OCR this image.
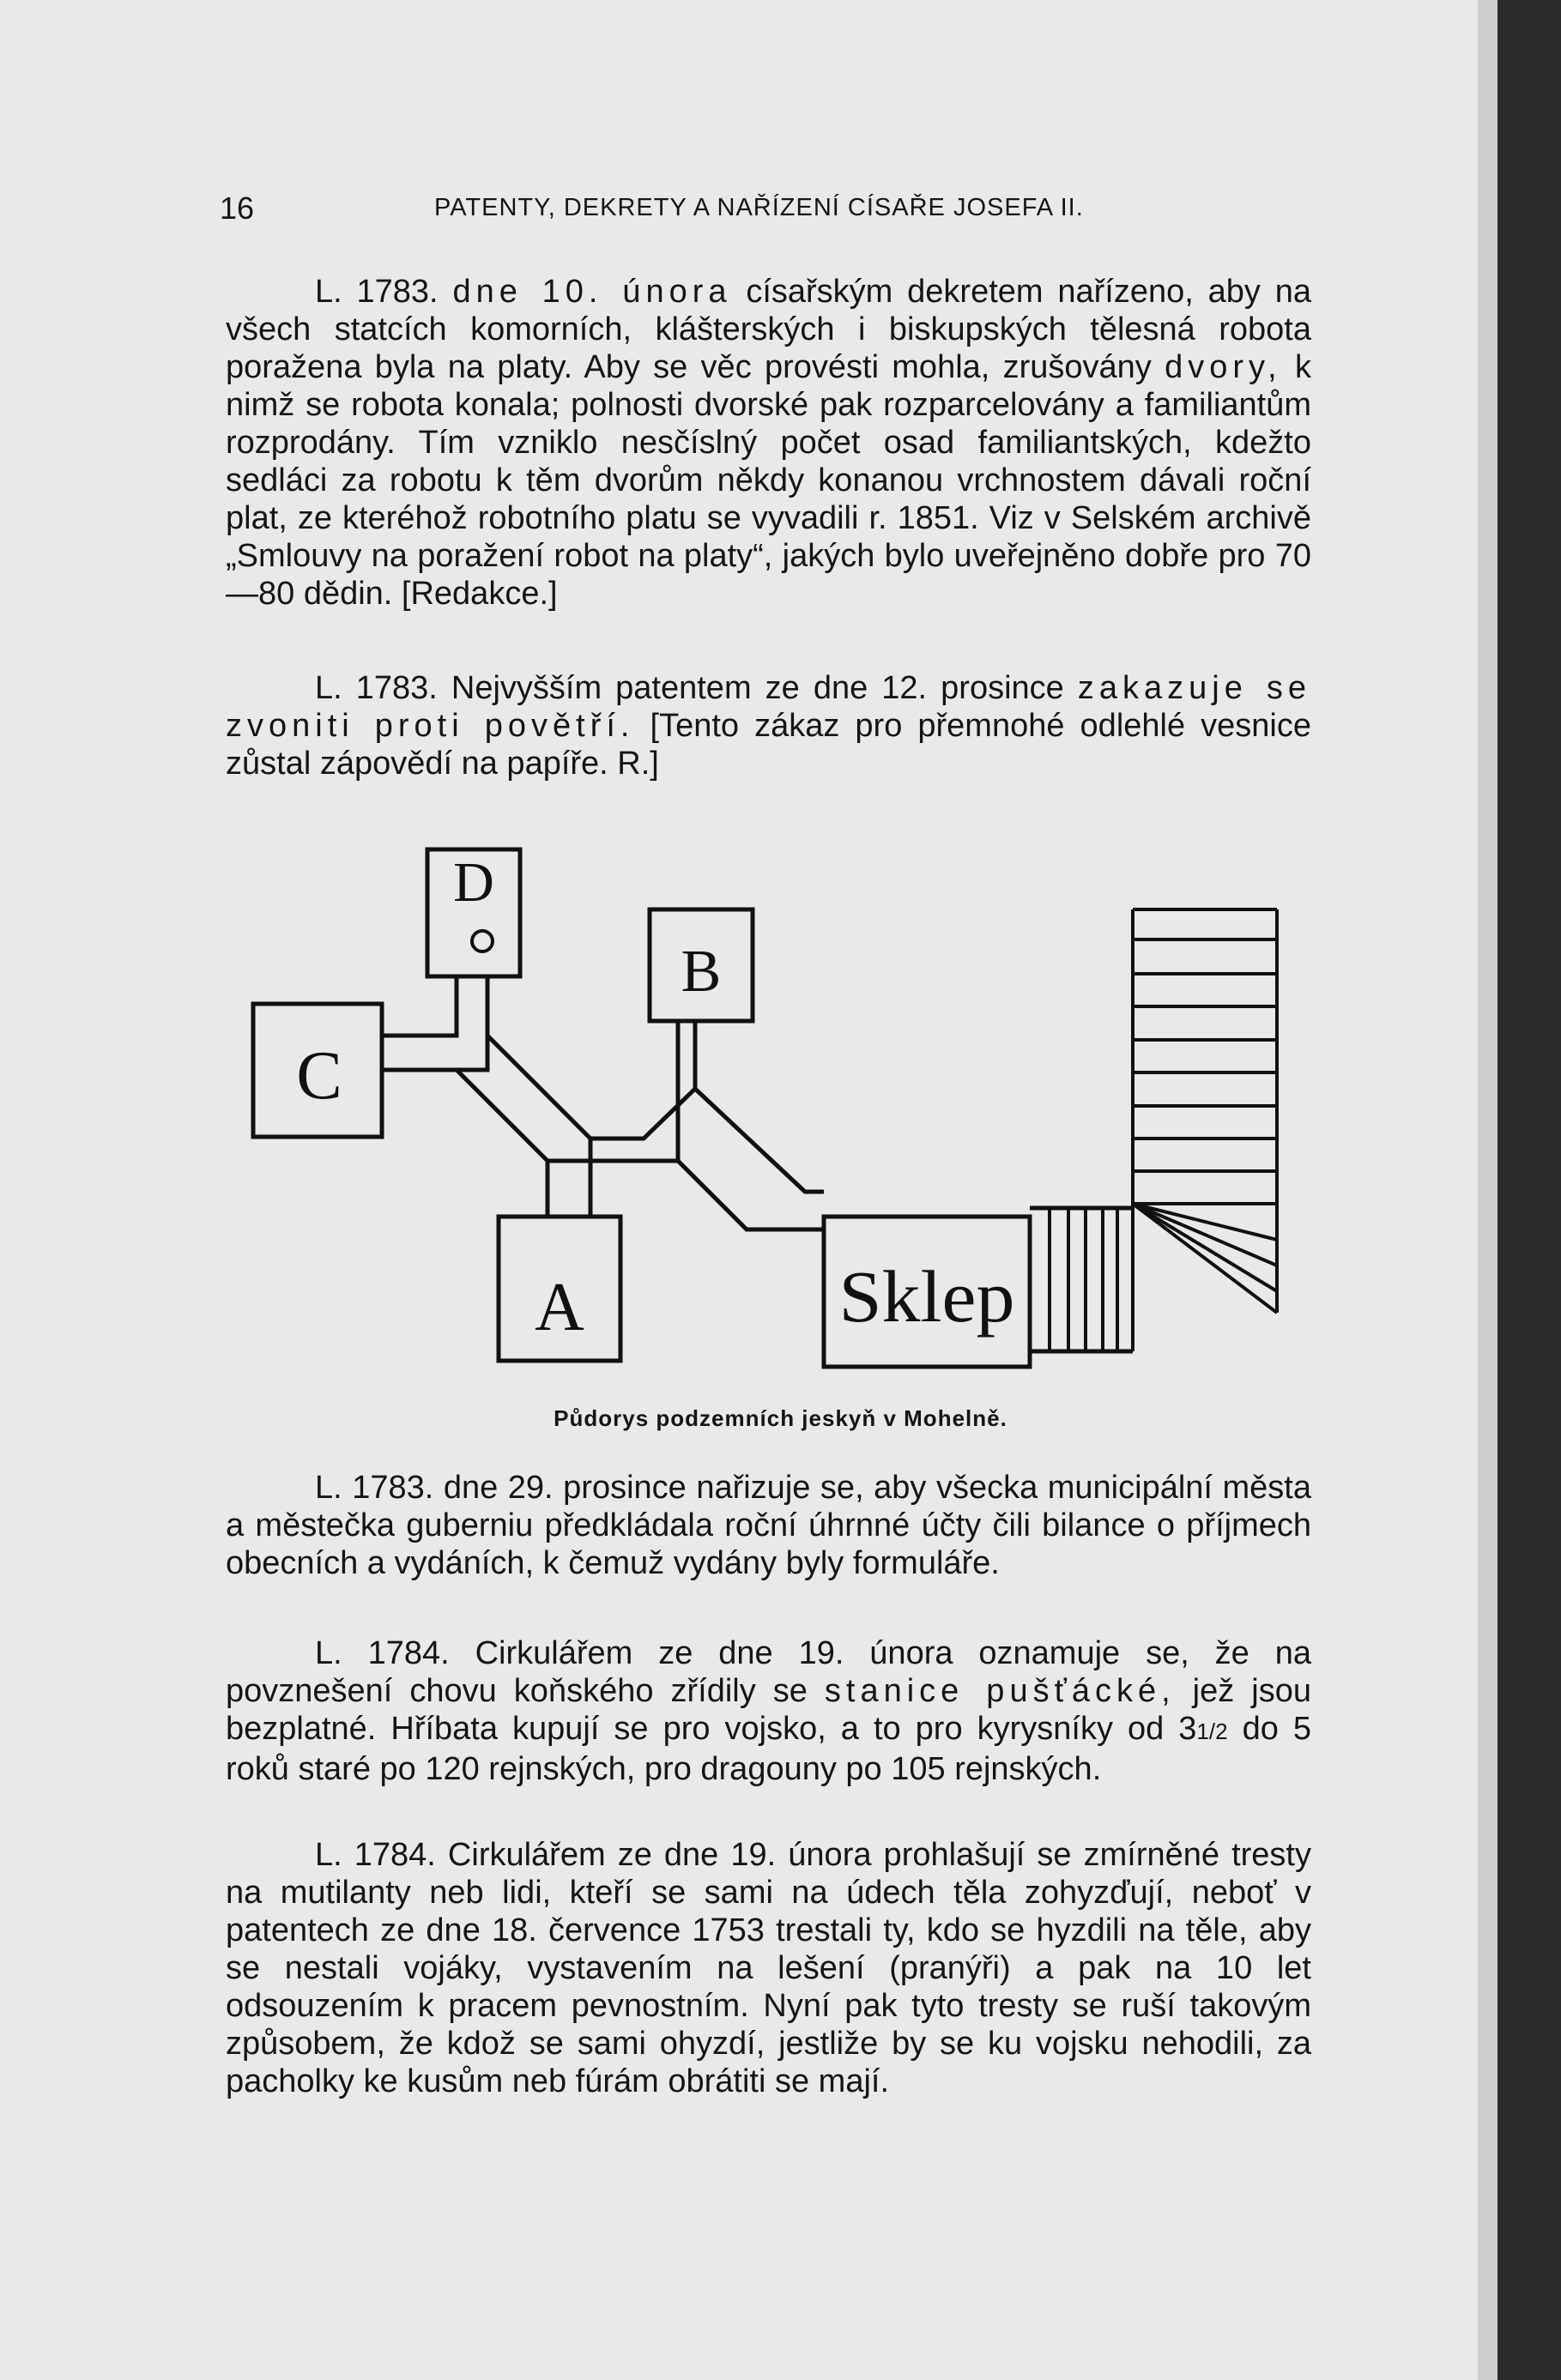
16	PATENTY, DEKRETY A NAŘÍZENÍ CÍSAŘE JOSEFA II.

L. 1783. dne 10. února císařským dekretem nařízeno, aby na všech statcích komorních, klášterských i biskupských tělesná robota poražena byla na platy. Aby se věc provésti mohla, zrušovány dvory, k nimž se robota konala; polnosti dvorské pak rozparcelovány a familiantům rozprodány. Tím vzniklo nesčíslný počet osad familiantských, kdežto sedláci za robotu k těm dvorům někdy konanou vrchnostem dávali roční plat, ze kteréhož robotního platu se vyvadili r. 1851. Viz v Selském archivě „Smlouvy na poražení robot na platy“, jakých bylo uveřejněno dobře pro 70—80 dědin. [Redakce.]

L. 1783. Nejvyšším patentem ze dne 12. prosince zakazuje se zvoniti proti povětří. [Tento zákaz pro přemnohé odlehlé vesnice zůstal zápovědí na papíře. R.]

D
B
C
A	Sklep
Půdorys podzemních jeskyň v Mohelně.

L. 1783. dne 29. prosince nařizuje se, aby všecka municipální města a městečka guberniu předkládala roční úhrnné účty čili bilance o příjmech obecních a vydáních, k čemuž vydány byly formuláře.

L. 1784. Cirkulářem ze dne 19. února oznamuje se, že na povznešení chovu koňského zřídily se stanice pušťácké, jež jsou bezplatné. Hříbata kupují se pro vojsko, a to pro kyrysníky od 31/2 do 5 roků staré po 120 rejnských, pro dragouny po 105 rejnských.

L. 1784. Cirkulářem ze dne 19. února prohlašují se zmírněné tresty na mutilanty neb lidi, kteří se sami na údech těla zohyzďují, neboť v patentech ze dne 18. července 1753 trestali ty, kdo se hyzdili na těle, aby se nestali vojáky, vystavením na lešení (pranýři) a pak na 10 let odsouzením k pracem pevnostním. Nyní pak tyto tresty se ruší takovým způsobem, že kdož se sami ohyzdí, jestliže by se ku vojsku nehodili, za pacholky ke kusům neb fúrám obrátiti se mají.
